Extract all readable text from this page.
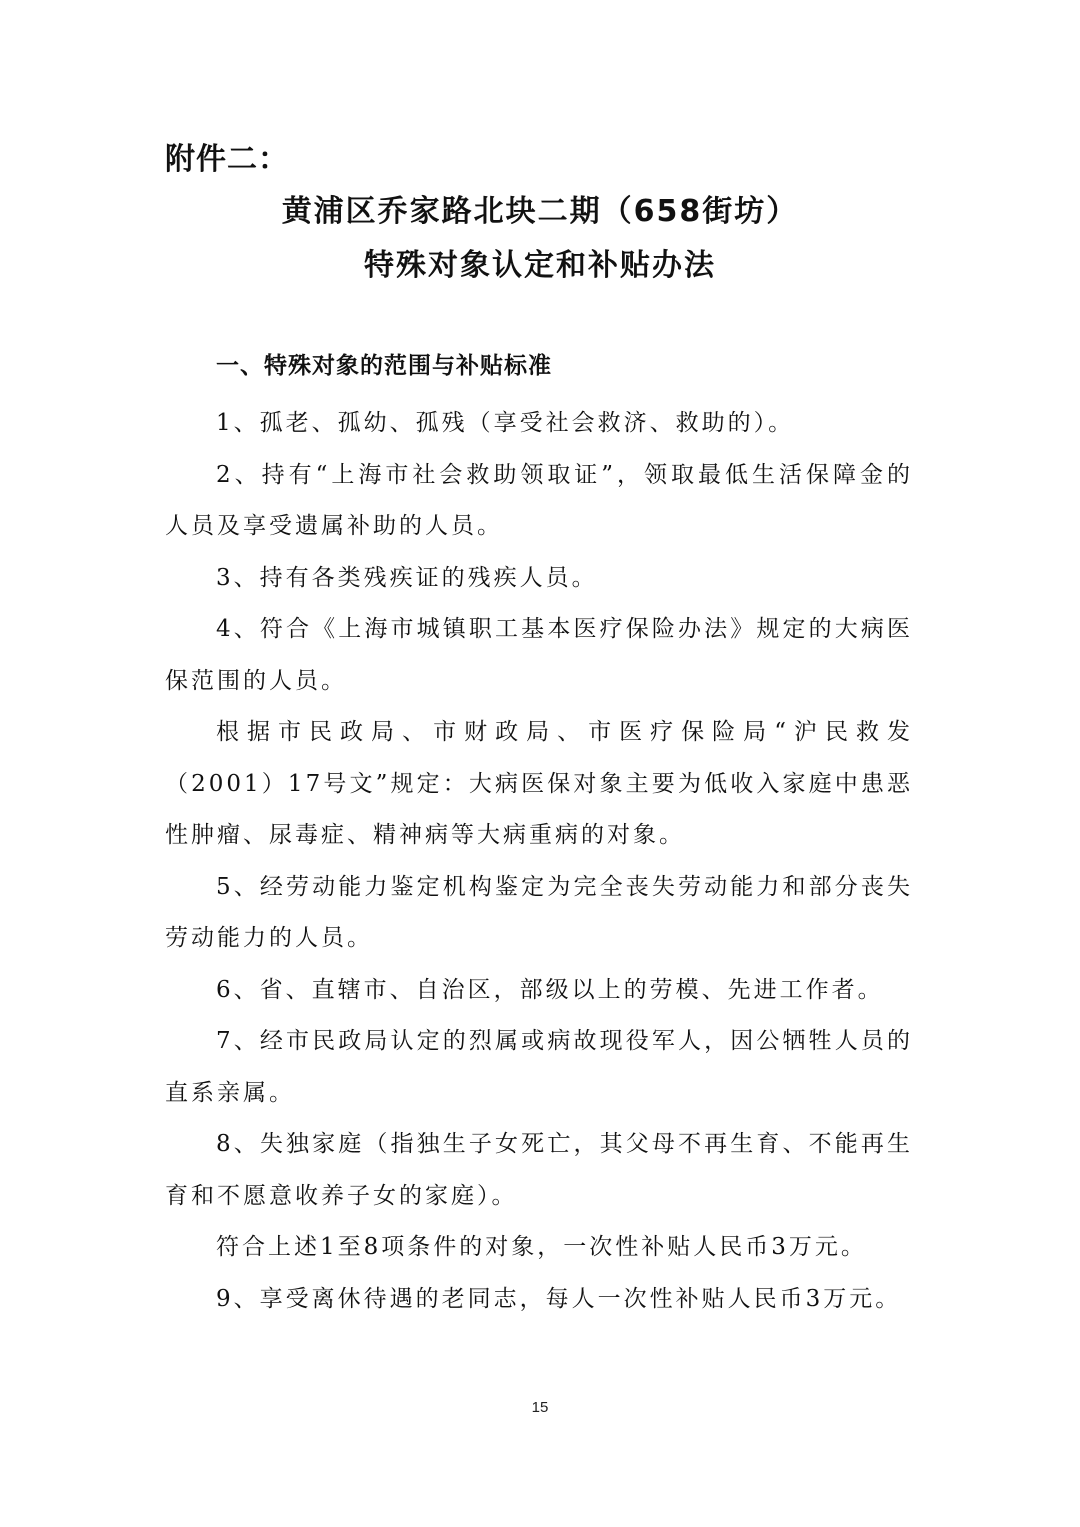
附件二：
黄浦区乔家路北块二期（658街坊）
特殊对象认定和补贴办法
一、特殊对象的范围与补贴标准

1、孤老、孤幼、孤残（享受社会救济、救助的）。

2、持有“上海市社会救助领取证”，领取最低生活保障金的人员及享受遗属补助的人员。

3、持有各类残疾证的残疾人员。

4、符合《上海市城镇职工基本医疗保险办法》规定的大病医保范围的人员。

根据市民政局、市财政局、市医疗保险局“沪民救发（2001）17号文”规定：大病医保对象主要为低收入家庭中患恶性肿瘤、尿毒症、精神病等大病重病的对象。

5、经劳动能力鉴定机构鉴定为完全丧失劳动能力和部分丧失劳动能力的人员。

6、省、直辖市、自治区，部级以上的劳模、先进工作者。

7、经市民政局认定的烈属或病故现役军人，因公牺牲人员的直系亲属。

8、失独家庭（指独生子女死亡，其父母不再生育、不能再生育和不愿意收养子女的家庭）。

符合上述1至8项条件的对象，一次性补贴人民币3万元。

9、享受离休待遇的老同志，每人一次性补贴人民币3万元。

15
